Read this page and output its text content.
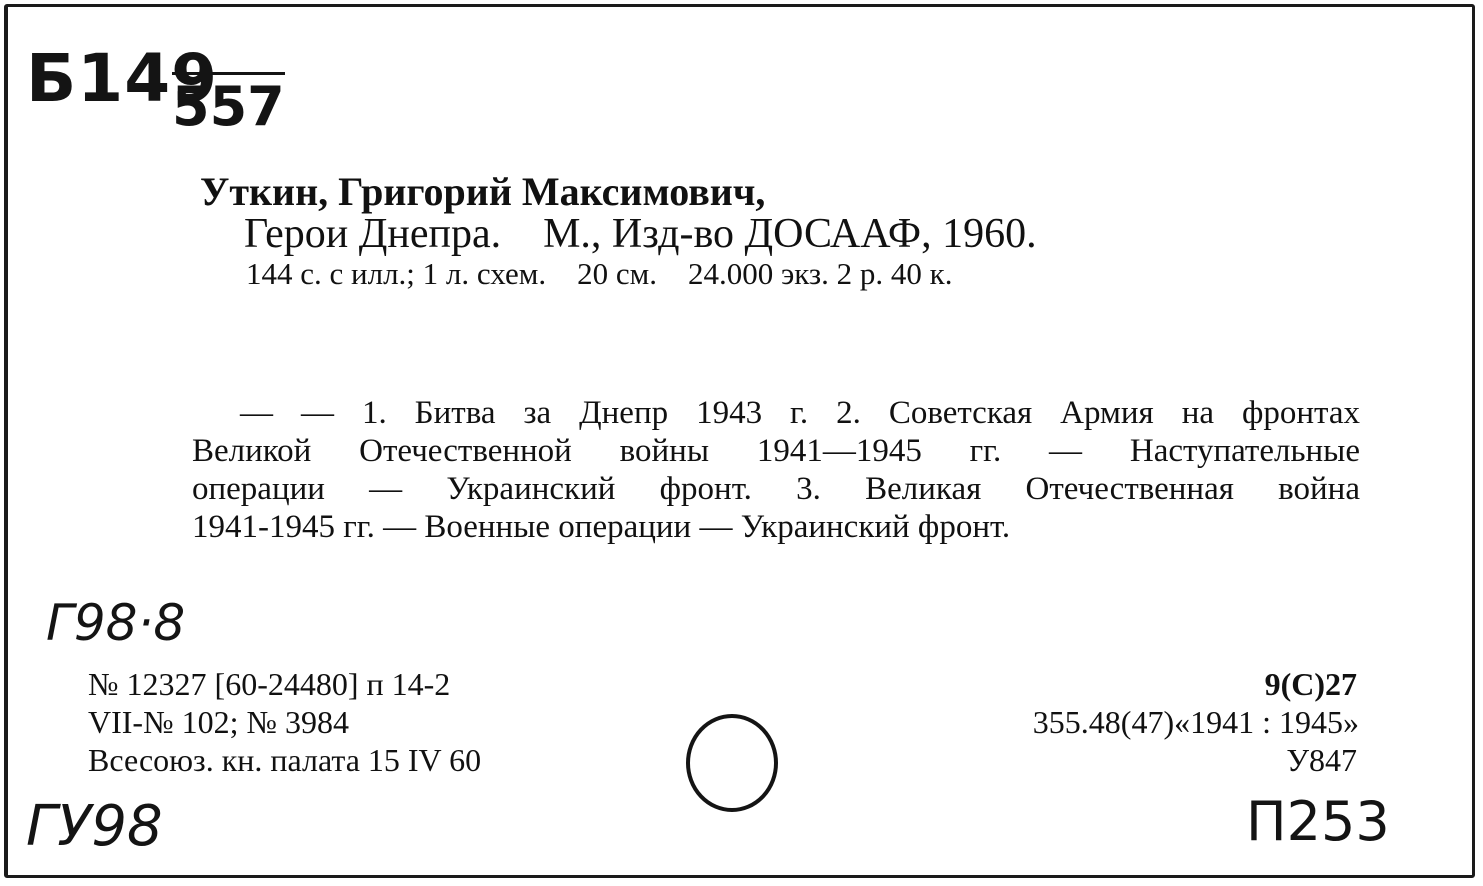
Б149
557
Уткин, Григорий Максимович,
Герои Днепра.    М., Изд-во ДОСААФ, 1960.
144 с. с илл.; 1 л. схем.    20 см.    24.000 экз. 2 р. 40 к.
— — 1. Битва за Днепр 1943 г. 2. Советская Армия на фронтах
Великой Отечественной войны 1941—1945 гг. — Наступательные
операции — Украинский фронт. 3. Великая Отечественная война
1941-1945 гг. — Военные операции — Украинский фронт.
Г98·8
№ 12327 [60-24480] п 14-2
VII-№ 102; № 3984
Всесоюз. кн. палата 15 IV 60
9(С)27
355.48(47)«1941 : 1945»
У847
ГУ98	П253
